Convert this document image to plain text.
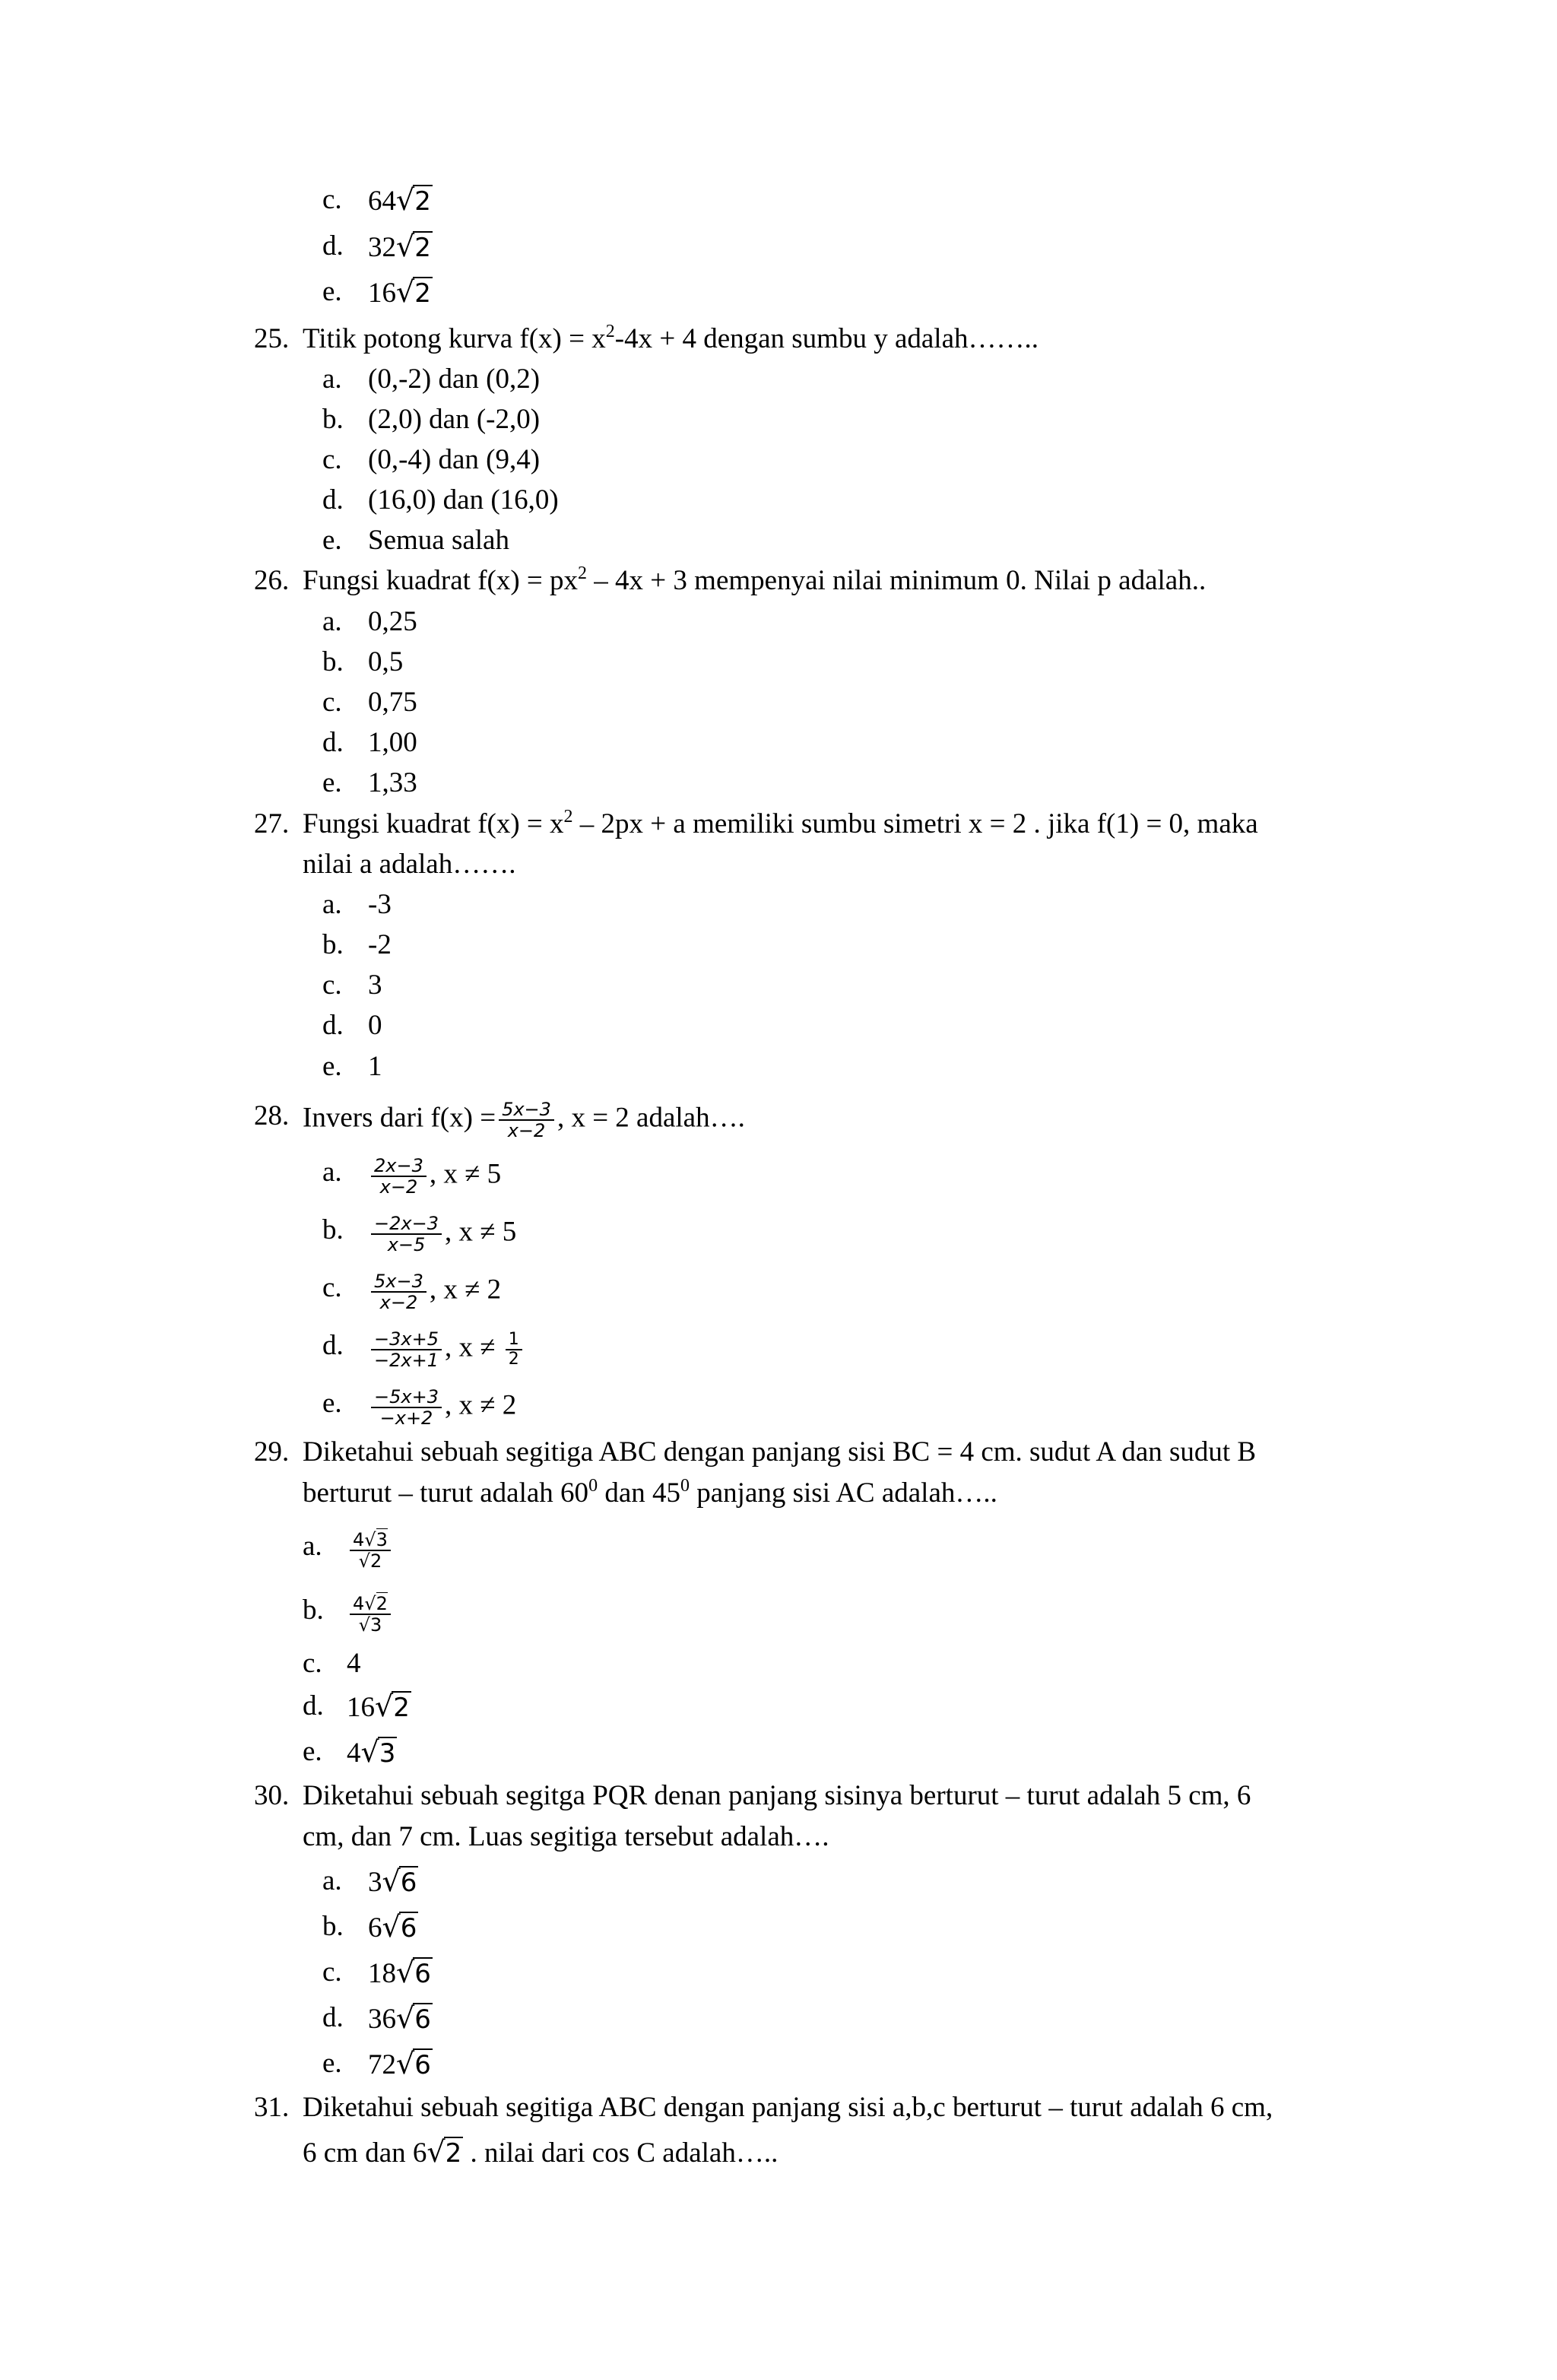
c. 64√2
d. 32√2
e. 16√2
25. Titik potong kurva $f(x) = x^2-4x + 4$ dengan sumbu y adalah……..
a. (0,-2) dan (0,2)
b. (2,0) dan (-2,0)
c. (0,-4) dan (9,4)
d. (16,0) dan (16,0)
e. Semua salah
26. Fungsi kuadrat $f(x) = px^2 - 4x + 3$ mempenyai nilai minimum 0. Nilai p adalah..
a. 0,25
b. 0,5
c. 0,75
d. 1,00
e. 1,33
27. Fungsi kuadrat $f(x) = x^2 - 2px + a$ memiliki sumbu simetri x = 2 . jika f(1) = 0, maka
nilai a adalah…….
a. -3
b. -2
c. 3
d. 0
e. 1
28. Invers dari $f(x) = \frac{5x-3}{x-2}$ , x = 2 adalah….
a.	$\frac{2x-3}{x-2}$ , x ≠ 5
b.	$\frac{-2x-3}{x-5}$ , x ≠ 5
c.	$\frac{5x-3}{x-2}$ , x ≠ 2
d.	$\frac{-3x+5}{-2x+1}$ , $x \ne \frac{1}{2}$
e.	$\frac{-5x+3}{-x+2}$ , x ≠ 2
29. Diketahui sebuah segitiga ABC dengan panjang sisi BC = 4 cm. sudut A dan sudut B
berturut – turut adalah $60^0$ dan $45^0$ panjang sisi AC adalah…..
a. $\frac{4√3}{√2}$
b. $\frac{4√2}{√3}$
c. 4
d. 16√2
e. 4√3
30. Diketahui sebuah segitga PQR denan panjang sisinya berturut – turut adalah 5 cm, 6
cm, dan 7 cm. Luas segitiga tersebut adalah….
a. 3√6
b. 6√6
c. 18√6
d. 36√6
e. 72√6
31. Diketahui sebuah segitiga ABC dengan panjang sisi a,b,c berturut – turut adalah 6 cm,
6 cm dan 6√2 . nilai dari cos C adalah…..
